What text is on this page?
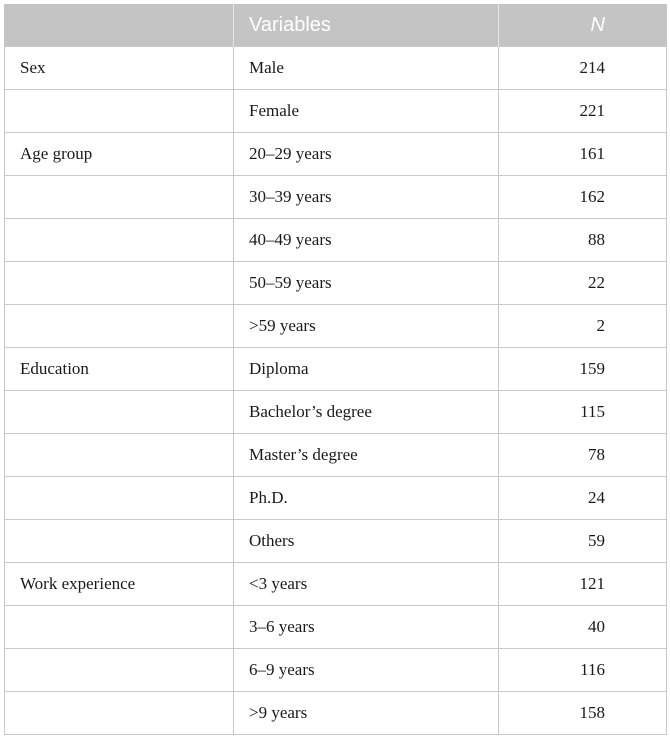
	Variables	N
Sex	Male	214
	Female	221
Age group	20–29 years	161
	30–39 years	162
	40–49 years	88
	50–59 years	22
	>59 years	2
Education	Diploma	159
	Bachelor’s degree	115
	Master’s degree	78
	Ph.D.	24
	Others	59
Work experience	<3 years	121
	3–6 years	40
	6–9 years	116
	>9 years	158
